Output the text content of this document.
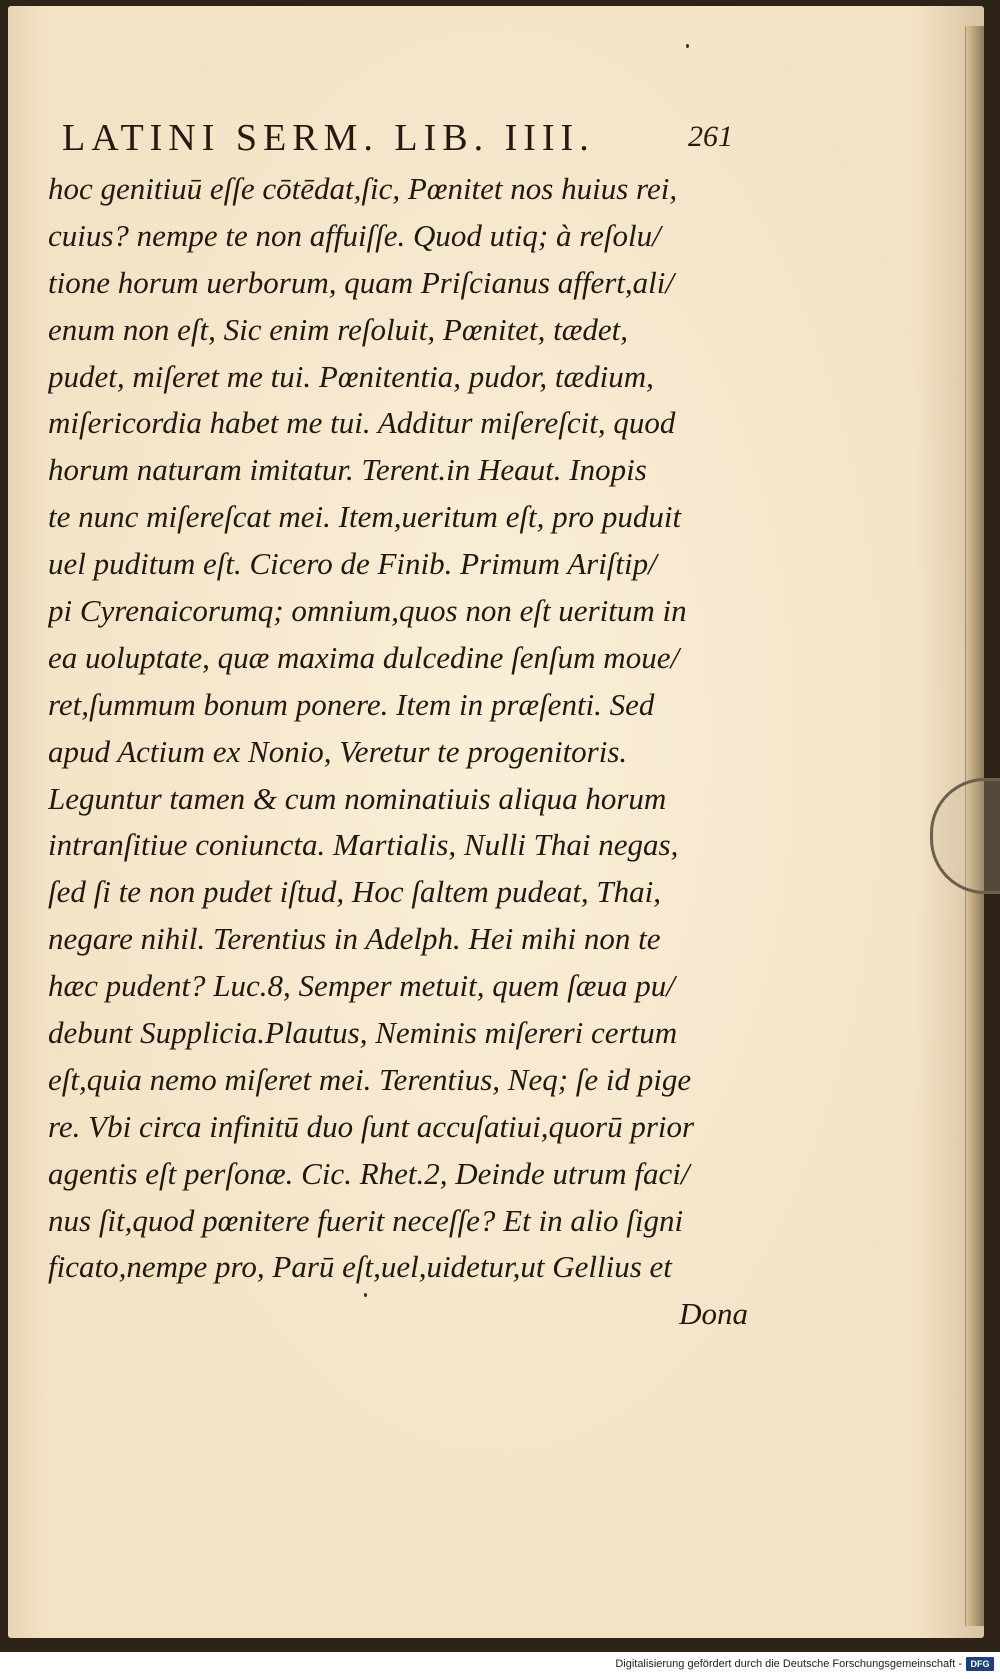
LATINI SERM. LIB. IIII.	261
hoc genitiuū eſſe cōtēdat,ſic, Pœnitet nos huius rei,
cuius? nempe te non affuiſſe. Quod utiq; à reſolu/
tione horum uerborum, quam Priſcianus affert,ali/
enum non eſt, Sic enim reſoluit, Pœnitet, tædet,
pudet, miſeret me tui. Pœnitentia, pudor, tædium,
miſericordia habet me tui. Additur miſereſcit, quod
horum naturam imitatur. Terent.in Heaut. Inopis
te nunc miſereſcat mei. Item,ueritum eſt, pro puduit
uel puditum eſt. Cicero de Finib. Primum Ariſtip/
pi Cyrenaicorumq; omnium,quos non eſt ueritum in
ea uoluptate, quæ maxima dulcedine ſenſum moue/
ret,ſummum bonum ponere. Item in præſenti. Sed
apud Actium ex Nonio, Veretur te progenitoris.
Leguntur tamen & cum nominatiuis aliqua horum
intranſitiue coniuncta. Martialis, Nulli Thai negas,
ſed ſi te non pudet iſtud, Hoc ſaltem pudeat, Thai,
negare nihil. Terentius in Adelph. Hei mihi non te
hæc pudent? Luc.8, Semper metuit, quem ſæua pu/
debunt Supplicia.Plautus, Neminis miſereri certum
eſt,quia nemo miſeret mei. Terentius, Neq; ſe id pige
re. Vbi circa infinitū duo ſunt accuſatiui,quorū prior
agentis eſt perſonæ. Cic. Rhet.2, Deinde utrum faci/
nus ſit,quod pœnitere fuerit neceſſe? Et in alio ſigni
ficato,nempe pro, Parū eſt,uel,uidetur,ut Gellius et
Dona
Digitalisierung gefördert durch die Deutsche Forschungsgemeinschaft - DFG
